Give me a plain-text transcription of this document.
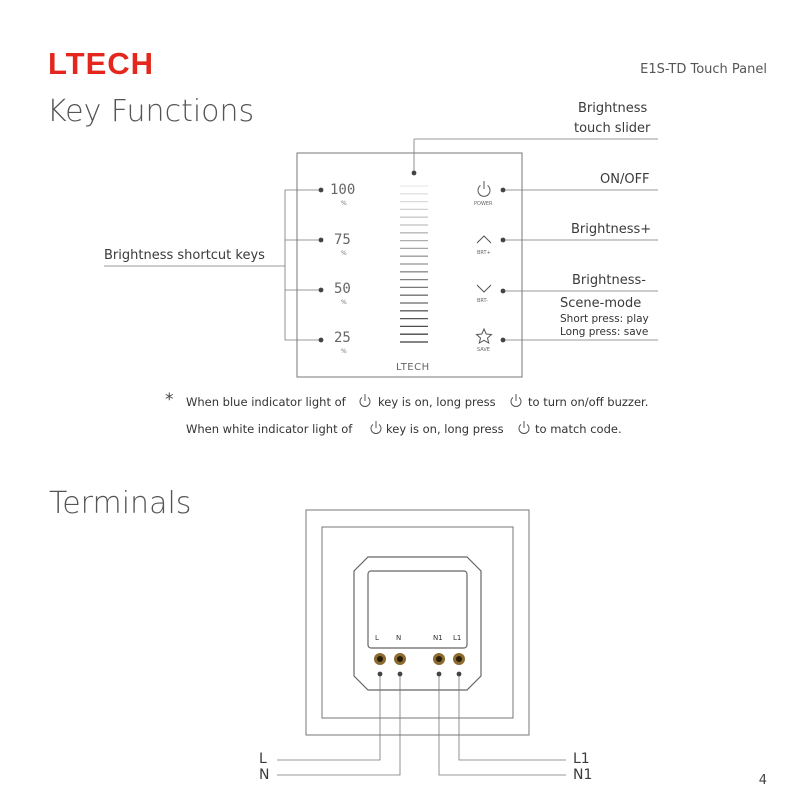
LTECH	E1S-TD Touch Panel
Key Functions
100
%
75
%
50
%
25
%
POWER
BRT+
BRT-
SAVE
LTECH
Brightness
touch slider
ON/OFF
Brightness+
Brightness-
Scene-mode
Short press: play
Long press: save
Brightness shortcut keys
* When blue indicator light of	key is on, long press	to turn on/off buzzer.
When white indicator light of	key is on, long press	to match code.
Terminals
L N	N1 L1
L
N
L1
N1	4
